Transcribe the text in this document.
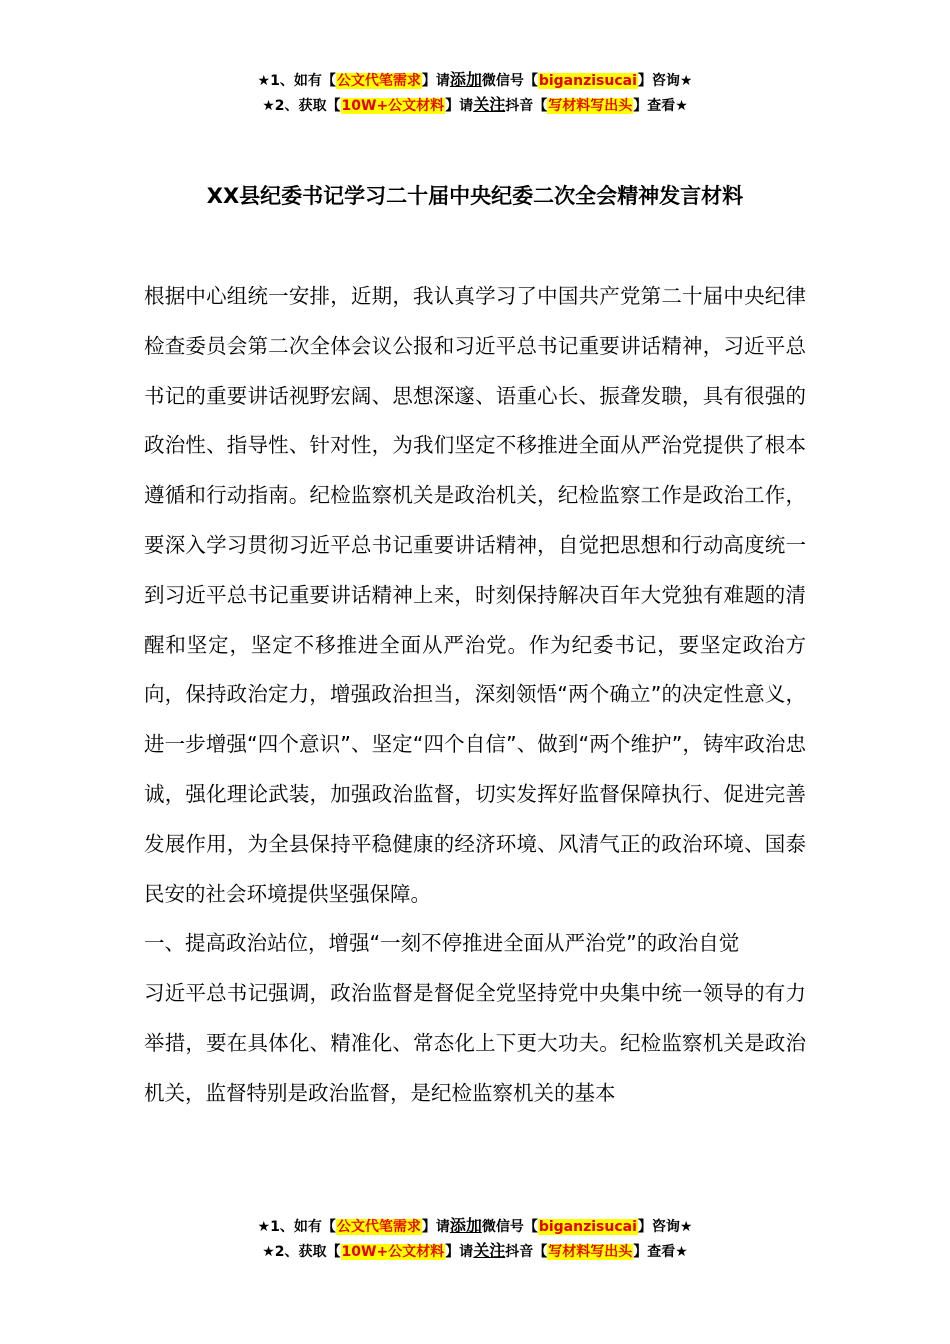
★1、如有【公文代笔需求】请添加微信号【biganzisucai】咨询★
★2、获取【10W+公文材料】请关注抖音【写材料写出头】查看★
XX县纪委书记学习二十届中央纪委二次全会精神发言材料

根据中心组统一安排，近期，我认真学习了中国共产党第二十届中央纪律检查委员会第二次全体会议公报和习近平总书记重要讲话精神，习近平总书记的重要讲话视野宏阔、思想深邃、语重心长、振聋发聩，具有很强的政治性、指导性、针对性，为我们坚定不移推进全面从严治党提供了根本遵循和行动指南。纪检监察机关是政治机关，纪检监察工作是政治工作，要深入学习贯彻习近平总书记重要讲话精神，自觉把思想和行动高度统一到习近平总书记重要讲话精神上来，时刻保持解决百年大党独有难题的清醒和坚定，坚定不移推进全面从严治党。作为纪委书记，要坚定政治方向，保持政治定力，增强政治担当，深刻领悟“两个确立”的决定性意义，进一步增强“四个意识”、坚定“四个自信”、做到“两个维护”，铸牢政治忠诚，强化理论武装，加强政治监督，切实发挥好监督保障执行、促进完善发展作用，为全县保持平稳健康的经济环境、风清气正的政治环境、国泰民安的社会环境提供坚强保障。

一、提高政治站位，增强“一刻不停推进全面从严治党”的政治自觉

习近平总书记强调，政治监督是督促全党坚持党中央集中统一领导的有力举措，要在具体化、精准化、常态化上下更大功夫。纪检监察机关是政治机关，监督特别是政治监督，是纪检监察机关的基本

★1、如有【公文代笔需求】请添加微信号【biganzisucai】咨询★
★2、获取【10W+公文材料】请关注抖音【写材料写出头】查看★
